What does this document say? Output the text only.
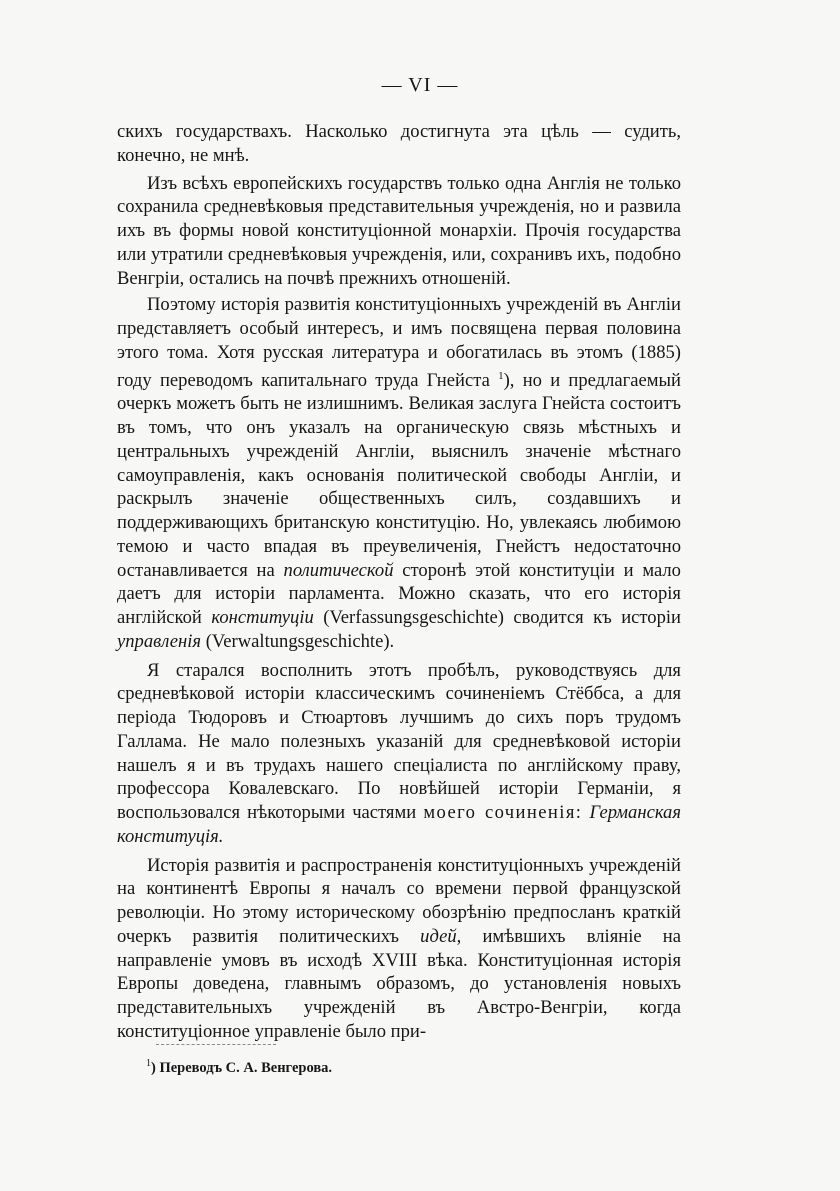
— VI —

скихъ государствахъ. Насколько достигнута эта цѣль — судить, конечно, не мнѣ.

Изъ всѣхъ европейскихъ государствъ только одна Англія не только сохранила средневѣковыя представительныя учрежденія, но и развила ихъ въ формы новой конституціонной монархіи. Прочія государства или утратили средневѣковыя учрежденія, или, сохранивъ ихъ, подобно Венгріи, остались на почвѣ прежнихъ отношеній.

Поэтому исторія развитія конституціонныхъ учрежденій въ Англіи представляетъ особый интересъ, и имъ посвящена первая половина этого тома. Хотя русская литература и обогатилась въ этомъ (1885) году переводомъ капитальнаго труда Гнейста $^1$), но и предлагаемый очеркъ можетъ быть не излишнимъ. Великая заслуга Гнейста состоитъ въ томъ, что онъ указалъ на органическую связь мѣстныхъ и центральныхъ учрежденій Англіи, выяснилъ значеніе мѣстнаго самоуправленія, какъ основанія политической свободы Англіи, и раскрылъ значеніе общественныхъ силъ, создавшихъ и поддерживающихъ британскую конституцію. Но, увлекаясь любимою темою и часто впадая въ преувеличенія, Гнейстъ недостаточно останавливается на политической сторонѣ этой конституціи и мало даетъ для исторіи парламента. Можно сказать, что его исторія англійской конституціи (Verfassungsgeschichte) сводится къ исторіи управленія (Verwaltungsgeschichte).

Я старался восполнить этотъ пробѣлъ, руководствуясь для средневѣковой исторіи классическимъ сочиненіемъ Стёббса, а для періода Тюдоровъ и Стюартовъ лучшимъ до сихъ поръ трудомъ Галлама. Не мало полезныхъ указаній для средневѣковой исторіи нашелъ я и въ трудахъ нашего спеціалиста по англійскому праву, профессора Ковалевскаго. По новѣйшей исторіи Германіи, я воспользовался нѣкоторыми частями моего сочиненія: Германская конституція.

Исторія развитія и распространенія конституціонныхъ учрежденій на континентѣ Европы я началъ со времени первой французской революціи. Но этому историческому обозрѣнію предпосланъ краткій очеркъ развитія политическихъ идей, имѣвшихъ вліяніе на направленіе умовъ въ исходѣ XVIII вѣка. Конституціонная исторія Европы доведена, главнымъ образомъ, до установленія новыхъ представительныхъ учрежденій въ Австро-Венгріи, когда конституціонное управленіе было при-

$^1$) Переводъ С. А. Венгерова.
